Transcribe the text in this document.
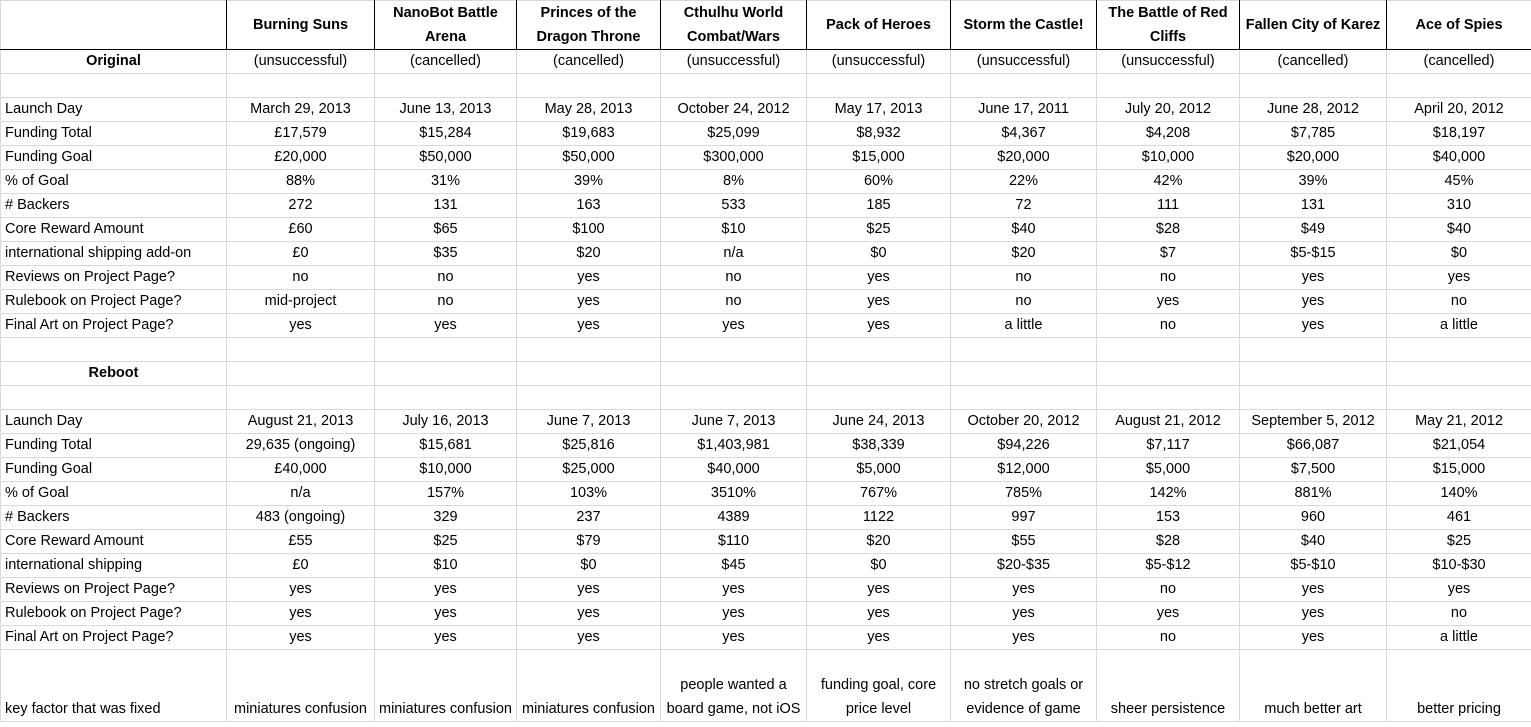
	Burning Suns	NanoBot Battle Arena	Princes of the Dragon Throne	Cthulhu World Combat/Wars	Pack of Heroes	Storm the Castle!	The Battle of Red Cliffs	Fallen City of Karez	Ace of Spies
Original	(unsuccessful)	(cancelled)	(cancelled)	(unsuccessful)	(unsuccessful)	(unsuccessful)	(unsuccessful)	(cancelled)	(cancelled)

Launch Day	March 29, 2013	June 13, 2013	May 28, 2013	October 24, 2012	May 17, 2013	June 17, 2011	July 20, 2012	June 28, 2012	April 20, 2012
Funding Total	£17,579	$15,284	$19,683	$25,099	$8,932	$4,367	$4,208	$7,785	$18,197
Funding Goal	£20,000	$50,000	$50,000	$300,000	$15,000	$20,000	$10,000	$20,000	$40,000
% of Goal	88%	31%	39%	8%	60%	22%	42%	39%	45%
# Backers	272	131	163	533	185	72	111	131	310
Core Reward Amount	£60	$65	$100	$10	$25	$40	$28	$49	$40
international shipping add-on	£0	$35	$20	n/a	$0	$20	$7	$5-$15	$0
Reviews on Project Page?	no	no	yes	no	yes	no	no	yes	yes
Rulebook on Project Page?	mid-project	no	yes	no	yes	no	yes	yes	no
Final Art on Project Page?	yes	yes	yes	yes	yes	a little	no	yes	a little

Reboot									

Launch Day	August 21, 2013	July 16, 2013	June 7, 2013	June 7, 2013	June 24, 2013	October 20, 2012	August 21, 2012	September 5, 2012	May 21, 2012
Funding Total	29,635 (ongoing)	$15,681	$25,816	$1,403,981	$38,339	$94,226	$7,117	$66,087	$21,054
Funding Goal	£40,000	$10,000	$25,000	$40,000	$5,000	$12,000	$5,000	$7,500	$15,000
% of Goal	n/a	157%	103%	3510%	767%	785%	142%	881%	140%
# Backers	483 (ongoing)	329	237	4389	1122	997	153	960	461
Core Reward Amount	£55	$25	$79	$110	$20	$55	$28	$40	$25
international shipping	£0	$10	$0	$45	$0	$20-$35	$5-$12	$5-$10	$10-$30
Reviews on Project Page?	yes	yes	yes	yes	yes	yes	no	yes	yes
Rulebook on Project Page?	yes	yes	yes	yes	yes	yes	yes	yes	no
Final Art on Project Page?	yes	yes	yes	yes	yes	yes	no	yes	a little
key factor that was fixed	miniatures confusion	miniatures confusion	miniatures confusion	people wanted a board game, not iOS	funding goal, core price level	no stretch goals or evidence of game	sheer persistence	much better art	better pricing
